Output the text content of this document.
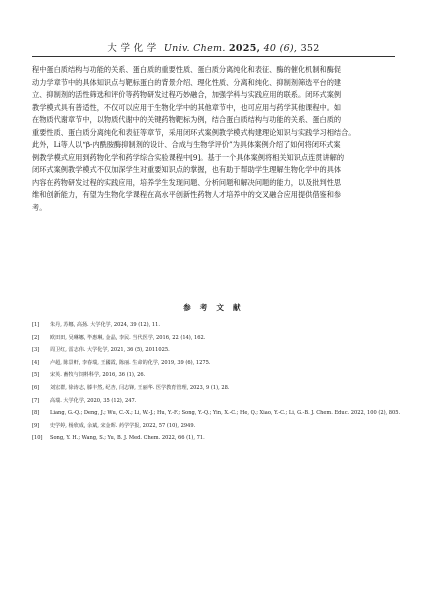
大 学 化 学 Univ. Chem. 2025, 40 (6), 352
程中蛋白质结构与功能的关系、蛋白质的重要性质、蛋白质分离纯化和表征、酶的催化机制和酶促
动力学章节中的具体知识点与靶标蛋白的背景介绍、理化性质、分离和纯化、抑制剂筛选平台的建
立、抑制剂的活性筛选和评价等药物研发过程巧妙融合，加强学科与实践应用的联系。闭环式案例
教学模式具有普适性，不仅可以应用于生物化学中的其他章节中，也可应用与药学其他课程中。如
在物质代谢章节中，以物质代谢中的关键药物靶标为例，结合蛋白质结构与功能的关系、蛋白质的
重要性质、蛋白质分离纯化和表征等章节，采用闭环式案例教学模式构建理论知识与实践学习相结合。
此外，Li等人以“β-内酰胺酶抑制剂的设计、合成与生物学评价”为具体案例介绍了如何将闭环式案
例教学模式应用到药物化学和药学综合实验课程中[9]。基于一个具体案例将相关知识点连贯讲解的
闭环式案例教学模式不仅加深学生对重要知识点的掌握，也有助于帮助学生理解生物化学中的具体
内容在药物研发过程的实践应用，培养学生发现问题、分析问题和解决问题的能力，以及批判性思
维和创新能力，有望为生物化学课程在高水平创新性药物人才培养中的交叉融合应用提供借鉴和参
考。
参 考 文 献
[1] 朱丹, 苏娜, 高扬. 大学化学, 2024, 39 (12), 11.
[2] 欧田田, 吴琳娜, 毕惠琳, 金晶, 李民. 当代医学, 2016, 22 (14), 162.
[3] 周卫红, 雷志伟. 大学化学, 2021, 36 (5), 2011025.
[4] 卢超, 陈景軒, 李春瑞, 王國霞, 陈丽. 生命的化学, 2019, 39 (6), 1275.
[5] 宋英. 畜牧与饲料科学, 2016, 36 (1), 26.
[6] 刘宏群, 徐涛志, 滕丰然, 纪杏, 闫志锋, 王丽华. 医学教育管理, 2023, 9 (1), 28.
[7] 高瑞. 大学化学, 2020, 35 (12), 247.
[8] Liang, G.-Q.; Deng, J.; Wu, C.-X.; Li, W.-J.; Hu, Y.-F.; Song, Y.-Q.; Yin, X.-C.; He, Q.; Xiao, Y.-C.; Li, G.-B. J. Chem. Educ. 2022, 100 (2), 805.
[9] 史学婷, 杨欣成, 余斌, 宋金晖. 药学学报, 2022, 57 (10), 2949.
[10] Song, Y. H.; Wang, S.; Yu, B. J. Med. Chem. 2022, 66 (1), 71.
